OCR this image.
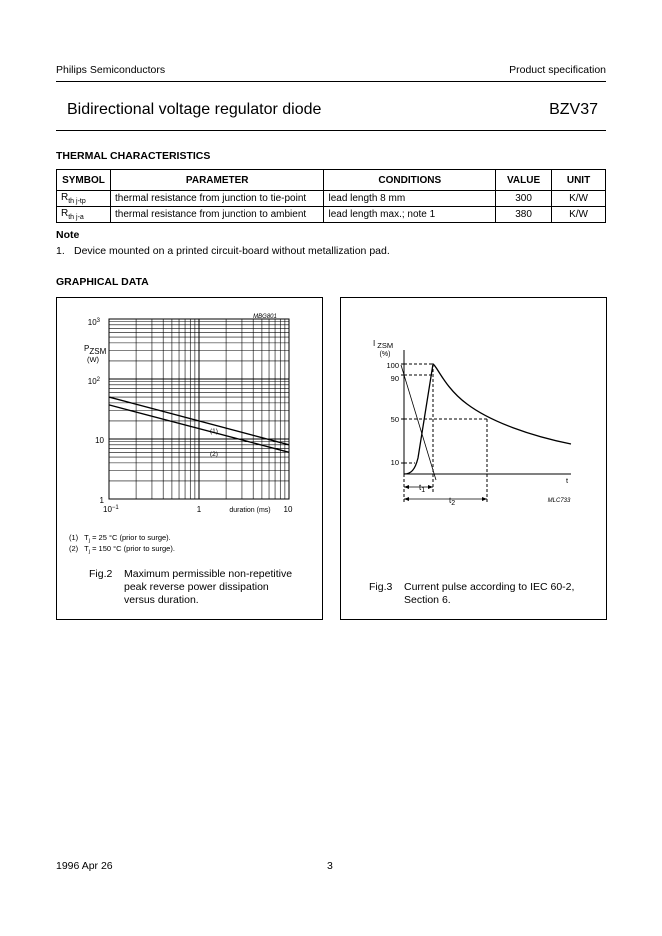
Philips Semiconductors	Product specification
Bidirectional voltage regulator diode	BZV37
THERMAL CHARACTERISTICS
SYMBOL	PARAMETER	CONDITIONS	VALUE	UNIT
$R_{th j-tp}$	thermal resistance from junction to tie-point	lead length 8 mm	300	K/W
$R_{th j-a}$	thermal resistance from junction to ambient	lead length max.; note 1	380	K/W
Note
1. Device mounted on a printed circuit-board without metallization pad.
GRAPHICAL DATA
MBG801
PZSM
(W)
$10^3$
$10^2$
10
1
$10^{-1}$	1	10
duration (ms)
(1)
(2)
(1) $T_j = 25$ °C (prior to surge).
(2) $T_j = 150$ °C (prior to surge).
Fig.2 Maximum permissible non-repetitive peak reverse power dissipation versus duration.
I ZSM
(%)
100
90
50
10
t
t1
t2	MLC733
Fig.3 Current pulse according to IEC 60-2, Section 6.
1996 Apr 26	3
